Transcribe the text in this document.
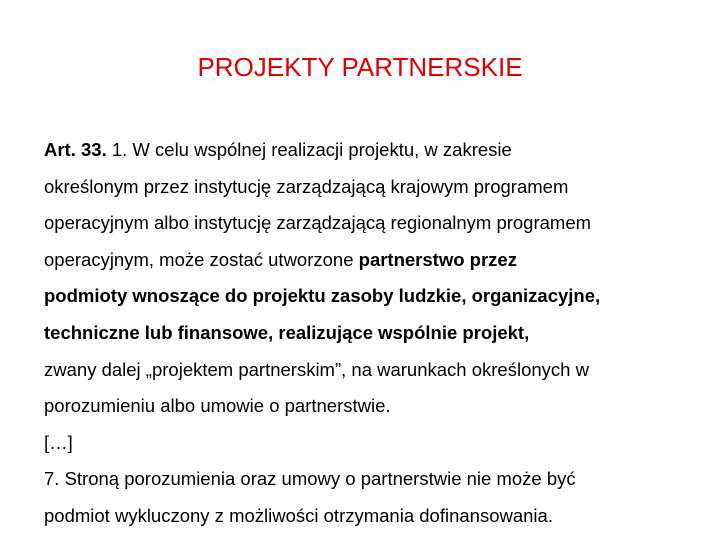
PROJEKTY PARTNERSKIE

Art. 33. 1. W celu wspólnej realizacji projektu, w zakresie

określonym przez instytucję zarządzającą krajowym programem

operacyjnym albo instytucję zarządzającą regionalnym programem

operacyjnym, może zostać utworzone partnerstwo przez

podmioty wnoszące do projektu zasoby ludzkie, organizacyjne,

techniczne lub finansowe, realizujące wspólnie projekt,

zwany dalej „projektem partnerskim”, na warunkach określonych w

porozumieniu albo umowie o partnerstwie.

[…]

7. Stroną porozumienia oraz umowy o partnerstwie nie może być

podmiot wykluczony z możliwości otrzymania dofinansowania.
